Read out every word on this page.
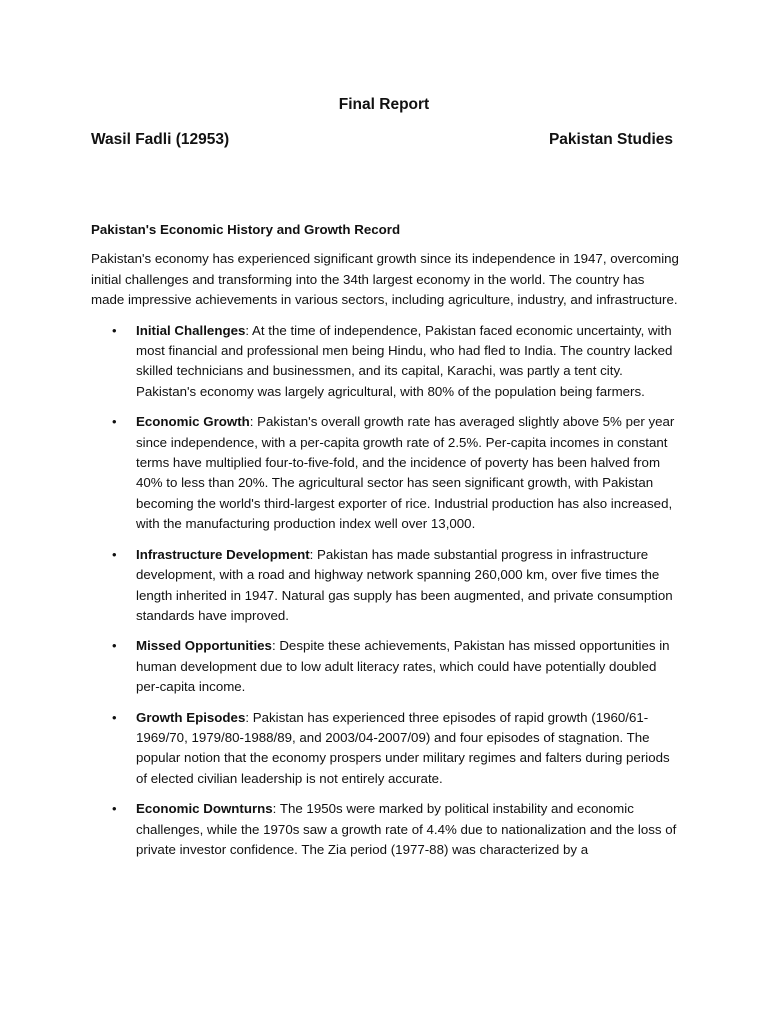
Final Report
Wasil Fadli (12953)	Pakistan Studies
Pakistan's Economic History and Growth Record
Pakistan's economy has experienced significant growth since its independence in 1947, overcoming initial challenges and transforming into the 34th largest economy in the world. The country has made impressive achievements in various sectors, including agriculture, industry, and infrastructure.
• Initial Challenges: At the time of independence, Pakistan faced economic uncertainty, with most financial and professional men being Hindu, who had fled to India. The country lacked skilled technicians and businessmen, and its capital, Karachi, was partly a tent city. Pakistan's economy was largely agricultural, with 80% of the population being farmers.
• Economic Growth: Pakistan's overall growth rate has averaged slightly above 5% per year since independence, with a per-capita growth rate of 2.5%. Per-capita incomes in constant terms have multiplied four-to-five-fold, and the incidence of poverty has been halved from 40% to less than 20%. The agricultural sector has seen significant growth, with Pakistan becoming the world's third-largest exporter of rice. Industrial production has also increased, with the manufacturing production index well over 13,000.
• Infrastructure Development: Pakistan has made substantial progress in infrastructure development, with a road and highway network spanning 260,000 km, over five times the length inherited in 1947. Natural gas supply has been augmented, and private consumption standards have improved.
• Missed Opportunities: Despite these achievements, Pakistan has missed opportunities in human development due to low adult literacy rates, which could have potentially doubled per-capita income.
• Growth Episodes: Pakistan has experienced three episodes of rapid growth (1960/61-1969/70, 1979/80-1988/89, and 2003/04-2007/09) and four episodes of stagnation. The popular notion that the economy prospers under military regimes and falters during periods of elected civilian leadership is not entirely accurate.
• Economic Downturns: The 1950s were marked by political instability and economic challenges, while the 1970s saw a growth rate of 4.4% due to nationalization and the loss of private investor confidence. The Zia period (1977-88) was characterized by a
